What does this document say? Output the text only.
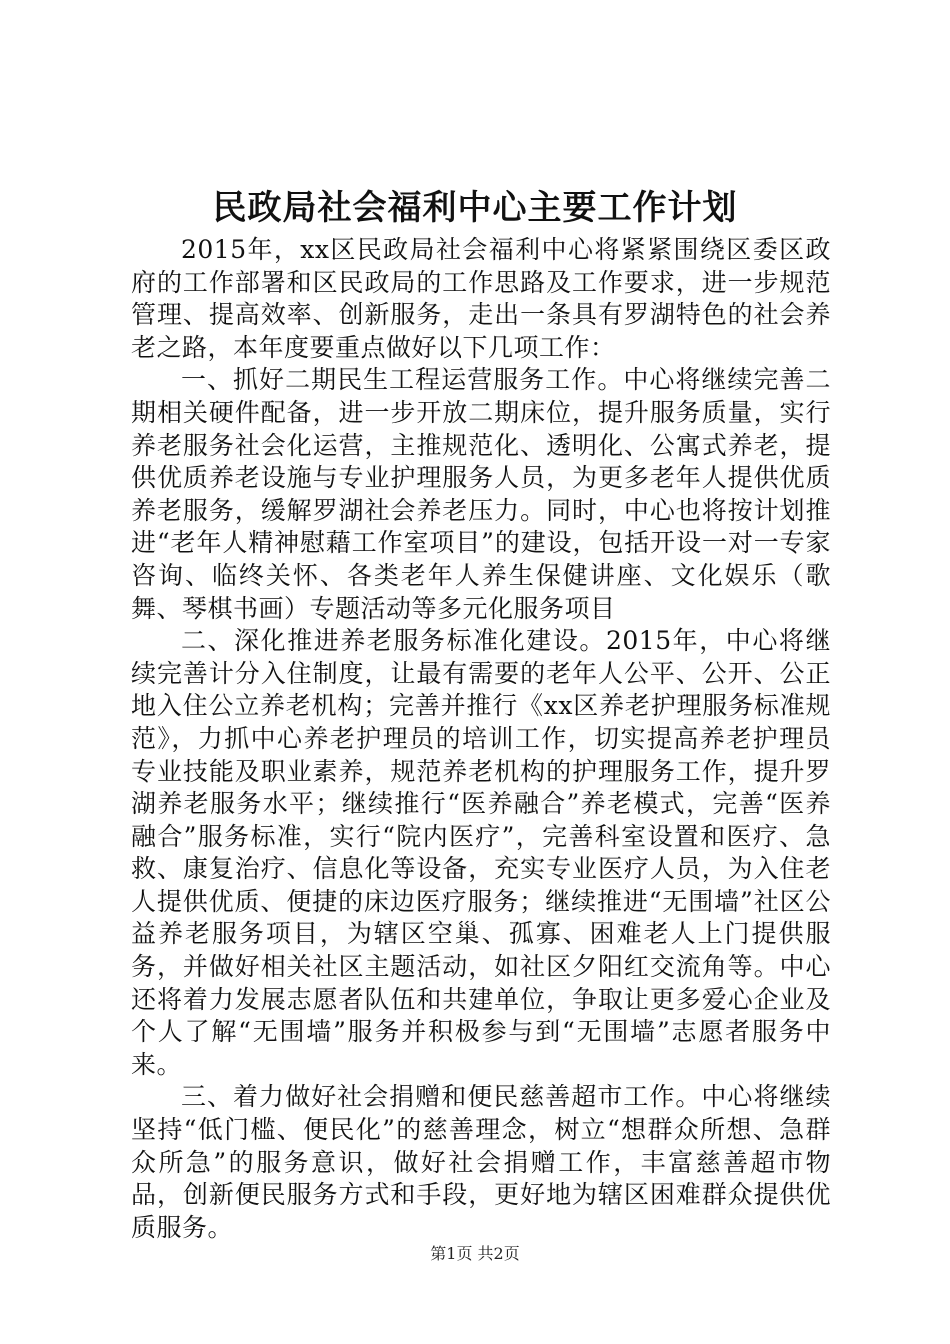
民政局社会福利中心主要工作计划

2015年，xx区民政局社会福利中心将紧紧围绕区委区政府的工作部署和区民政局的工作思路及工作要求，进一步规范管理、提高效率、创新服务，走出一条具有罗湖特色的社会养老之路，本年度要重点做好以下几项工作：

一、抓好二期民生工程运营服务工作。中心将继续完善二期相关硬件配备，进一步开放二期床位，提升服务质量，实行养老服务社会化运营，主推规范化、透明化、公寓式养老，提供优质养老设施与专业护理服务人员，为更多老年人提供优质养老服务，缓解罗湖社会养老压力。同时，中心也将按计划推进“老年人精神慰藉工作室项目”的建设，包括开设一对一专家咨询、临终关怀、各类老年人养生保健讲座、文化娱乐（歌舞、琴棋书画）专题活动等多元化服务项目

二、深化推进养老服务标准化建设。2015年，中心将继续完善计分入住制度，让最有需要的老年人公平、公开、公正地入住公立养老机构；完善并推行《xx区养老护理服务标准规范》，力抓中心养老护理员的培训工作，切实提高养老护理员专业技能及职业素养，规范养老机构的护理服务工作，提升罗湖养老服务水平；继续推行“医养融合”养老模式，完善“医养融合”服务标准，实行“院内医疗”，完善科室设置和医疗、急救、康复治疗、信息化等设备，充实专业医疗人员，为入住老人提供优质、便捷的床边医疗服务；继续推进“无围墙”社区公益养老服务项目，为辖区空巢、孤寡、困难老人上门提供服务，并做好相关社区主题活动，如社区夕阳红交流角等。中心还将着力发展志愿者队伍和共建单位，争取让更多爱心企业及个人了解“无围墙”服务并积极参与到“无围墙”志愿者服务中来。

三、着力做好社会捐赠和便民慈善超市工作。中心将继续坚持“低门槛、便民化”的慈善理念，树立“想群众所想、急群众所急”的服务意识，做好社会捐赠工作，丰富慈善超市物品，创新便民服务方式和手段，更好地为辖区困难群众提供优质服务。

第1页 共2页
